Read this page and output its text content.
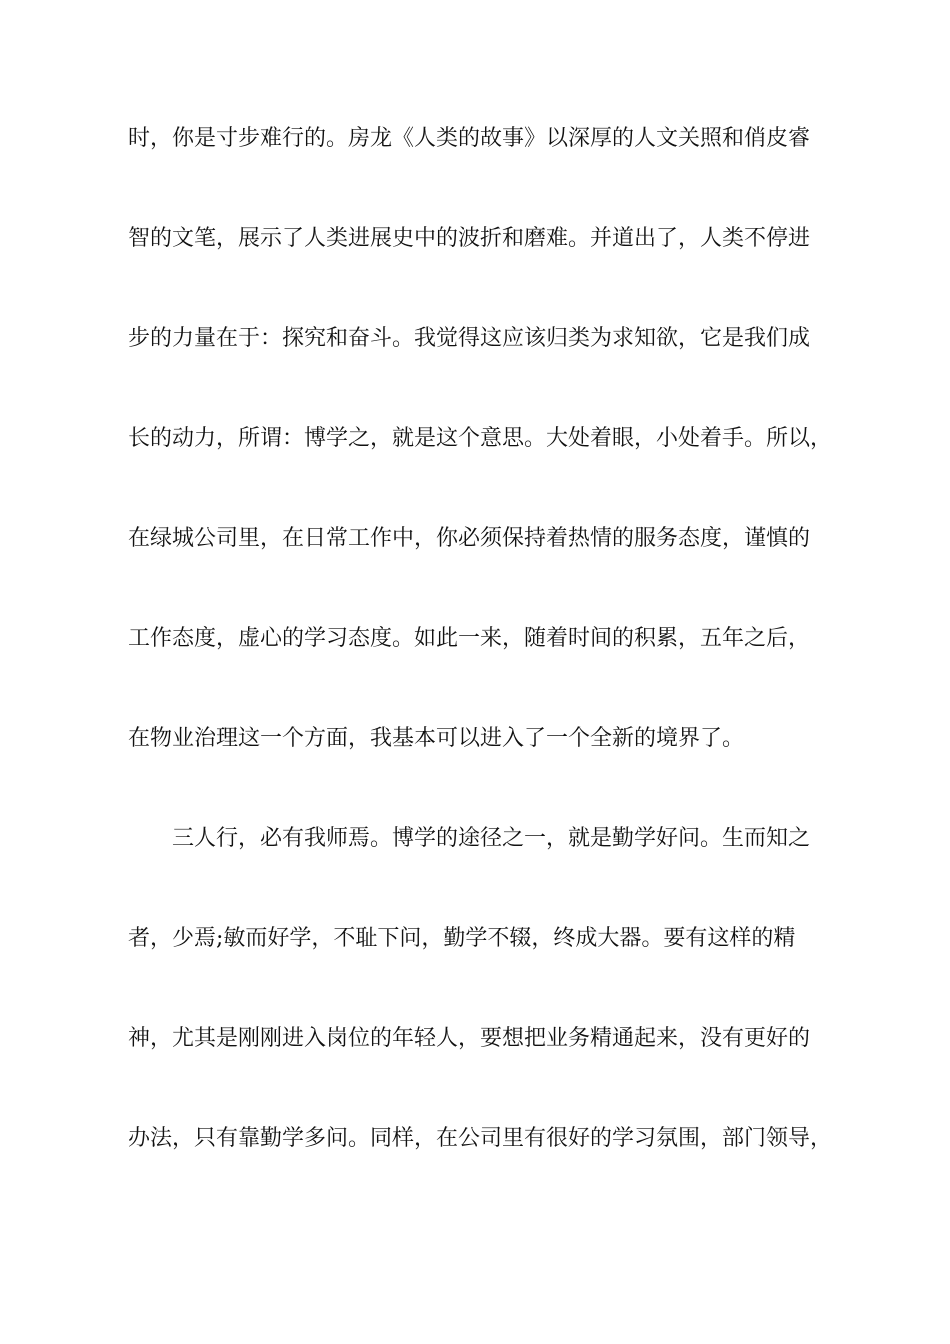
时，你是寸步难行的。房龙《人类的故事》以深厚的人文关照和俏皮睿
智的文笔，展示了人类进展史中的波折和磨难。并道出了，人类不停进
步的力量在于：探究和奋斗。我觉得这应该归类为求知欲，它是我们成
长的动力，所谓：博学之，就是这个意思。大处着眼，小处着手。所以，
在绿城公司里，在日常工作中，你必须保持着热情的服务态度，谨慎的
工作态度，虚心的学习态度。如此一来，随着时间的积累，五年之后，
在物业治理这一个方面，我基本可以进入了一个全新的境界了。
三人行，必有我师焉。博学的途径之一，就是勤学好问。生而知之
者，少焉;敏而好学，不耻下问，勤学不辍，终成大器。要有这样的精
神，尤其是刚刚进入岗位的年轻人，要想把业务精通起来，没有更好的
办法，只有靠勤学多问。同样，在公司里有很好的学习氛围，部门领导，
